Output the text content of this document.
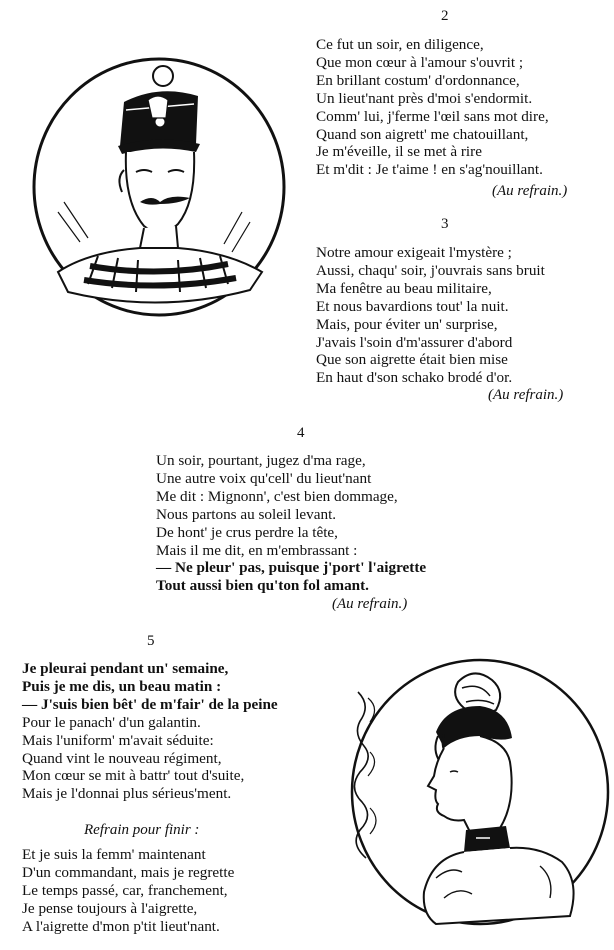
2
Ce fut un soir, en diligence,
Que mon cœur à l'amour s'ouvrit ;
En brillant costum' d'ordonnance,
Un lieut'nant près d'moi s'endormit.
Comm' lui, j'ferme l'œil sans mot dire,
Quand son aigrett' me chatouillant,
Je m'éveille, il se met à rire
Et m'dit : Je t'aime ! en s'ag'nouillant.
(Au refrain.)
3
Notre amour exigeait l'mystère ;
Aussi, chaqu' soir, j'ouvrais sans bruit
Ma fenêtre au beau militaire,
Et nous bavardions tout' la nuit.
Mais, pour éviter un' surprise,
J'avais l'soin d'm'assurer d'abord
Que son aigrette était bien mise
En haut d'son schako brodé d'or.
(Au refrain.)
4
Un soir, pourtant, jugez d'ma rage,
Une autre voix qu'cell' du lieut'nant
Me dit : Mignonn', c'est bien dommage,
Nous partons au soleil levant.
De hont' je crus perdre la tête,
Mais il me dit, en m'embrassant :
— Ne pleur' pas, puisque j'port' l'aigrette
Tout aussi bien qu'ton fol amant.
(Au refrain.)
5
Je pleurai pendant un' semaine,
Puis je me dis, un beau matin :
— J'suis bien bêt' de m'fair' de la peine
Pour le panach' d'un galantin.
Mais l'uniform' m'avait séduite:
Quand vint le nouveau régiment,
Mon cœur se mit à battr' tout d'suite,
Mais je l'donnai plus sérieus'ment.
Refrain pour finir :
Et je suis la femm' maintenant
D'un commandant, mais je regrette
Le temps passé, car, franchement,
Je pense toujours à l'aigrette,
A l'aigrette d'mon p'tit lieut'nant.
